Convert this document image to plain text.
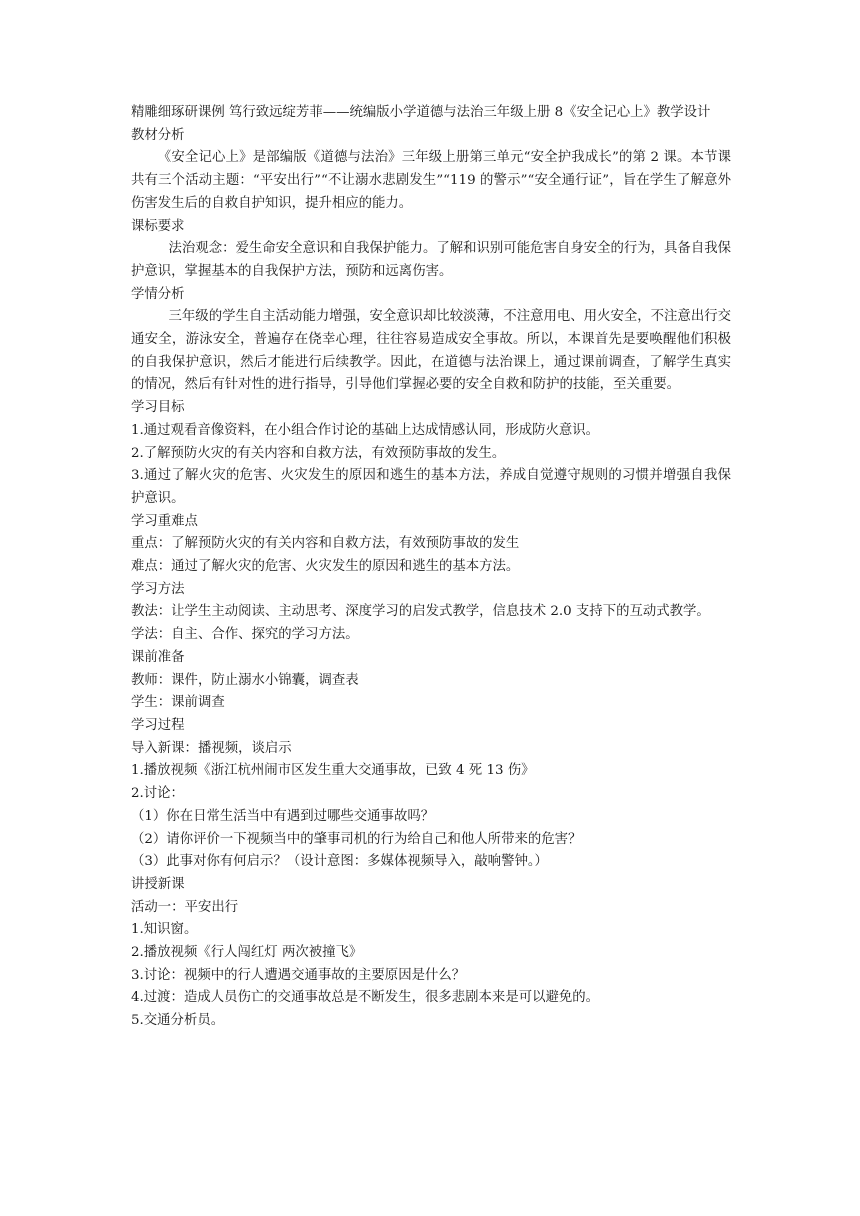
精雕细琢研课例 笃行致远绽芳菲——统编版小学道德与法治三年级上册 8《安全记心上》教学设计

教材分析

《安全记心上》是部编版《道德与法治》三年级上册第三单元“安全护我成长”的第 2 课。本节课共有三个活动主题：“平安出行”“不让溺水悲剧发生”“119 的警示”“安全通行证”，旨在学生了解意外伤害发生后的自救自护知识，提升相应的能力。

课标要求

法治观念：爱生命安全意识和自我保护能力。了解和识别可能危害自身安全的行为，具备自我保护意识，掌握基本的自我保护方法，预防和远离伤害。

学情分析

三年级的学生自主活动能力增强，安全意识却比较淡薄，不注意用电、用火安全，不注意出行交通安全，游泳安全，普遍存在侥幸心理，往往容易造成安全事故。所以，本课首先是要唤醒他们积极的自我保护意识，然后才能进行后续教学。因此，在道德与法治课上，通过课前调查，了解学生真实的情况，然后有针对性的进行指导，引导他们掌握必要的安全自救和防护的技能，至关重要。

学习目标

1.通过观看音像资料，在小组合作讨论的基础上达成情感认同，形成防火意识。

2.了解预防火灾的有关内容和自救方法，有效预防事故的发生。

3.通过了解火灾的危害、火灾发生的原因和逃生的基本方法，养成自觉遵守规则的习惯并增强自我保护意识。

学习重难点

重点：了解预防火灾的有关内容和自救方法，有效预防事故的发生

难点：通过了解火灾的危害、火灾发生的原因和逃生的基本方法。

学习方法

教法：让学生主动阅读、主动思考、深度学习的启发式教学，信息技术 2.0 支持下的互动式教学。

学法：自主、合作、探究的学习方法。

课前准备

教师：课件，防止溺水小锦囊，调查表

学生：课前调查

学习过程

导入新课：播视频，谈启示

1.播放视频《浙江杭州闹市区发生重大交通事故，已致 4 死 13 伤》

2.讨论：

（1）你在日常生活当中有遇到过哪些交通事故吗？

（2）请你评价一下视频当中的肇事司机的行为给自己和他人所带来的危害？

（3）此事对你有何启示？（设计意图：多媒体视频导入，敲响警钟。）

讲授新课

活动一：平安出行

1.知识窗。

2.播放视频《行人闯红灯 两次被撞飞》

3.讨论：视频中的行人遭遇交通事故的主要原因是什么？

4.过渡：造成人员伤亡的交通事故总是不断发生，很多悲剧本来是可以避免的。

5.交通分析员。
